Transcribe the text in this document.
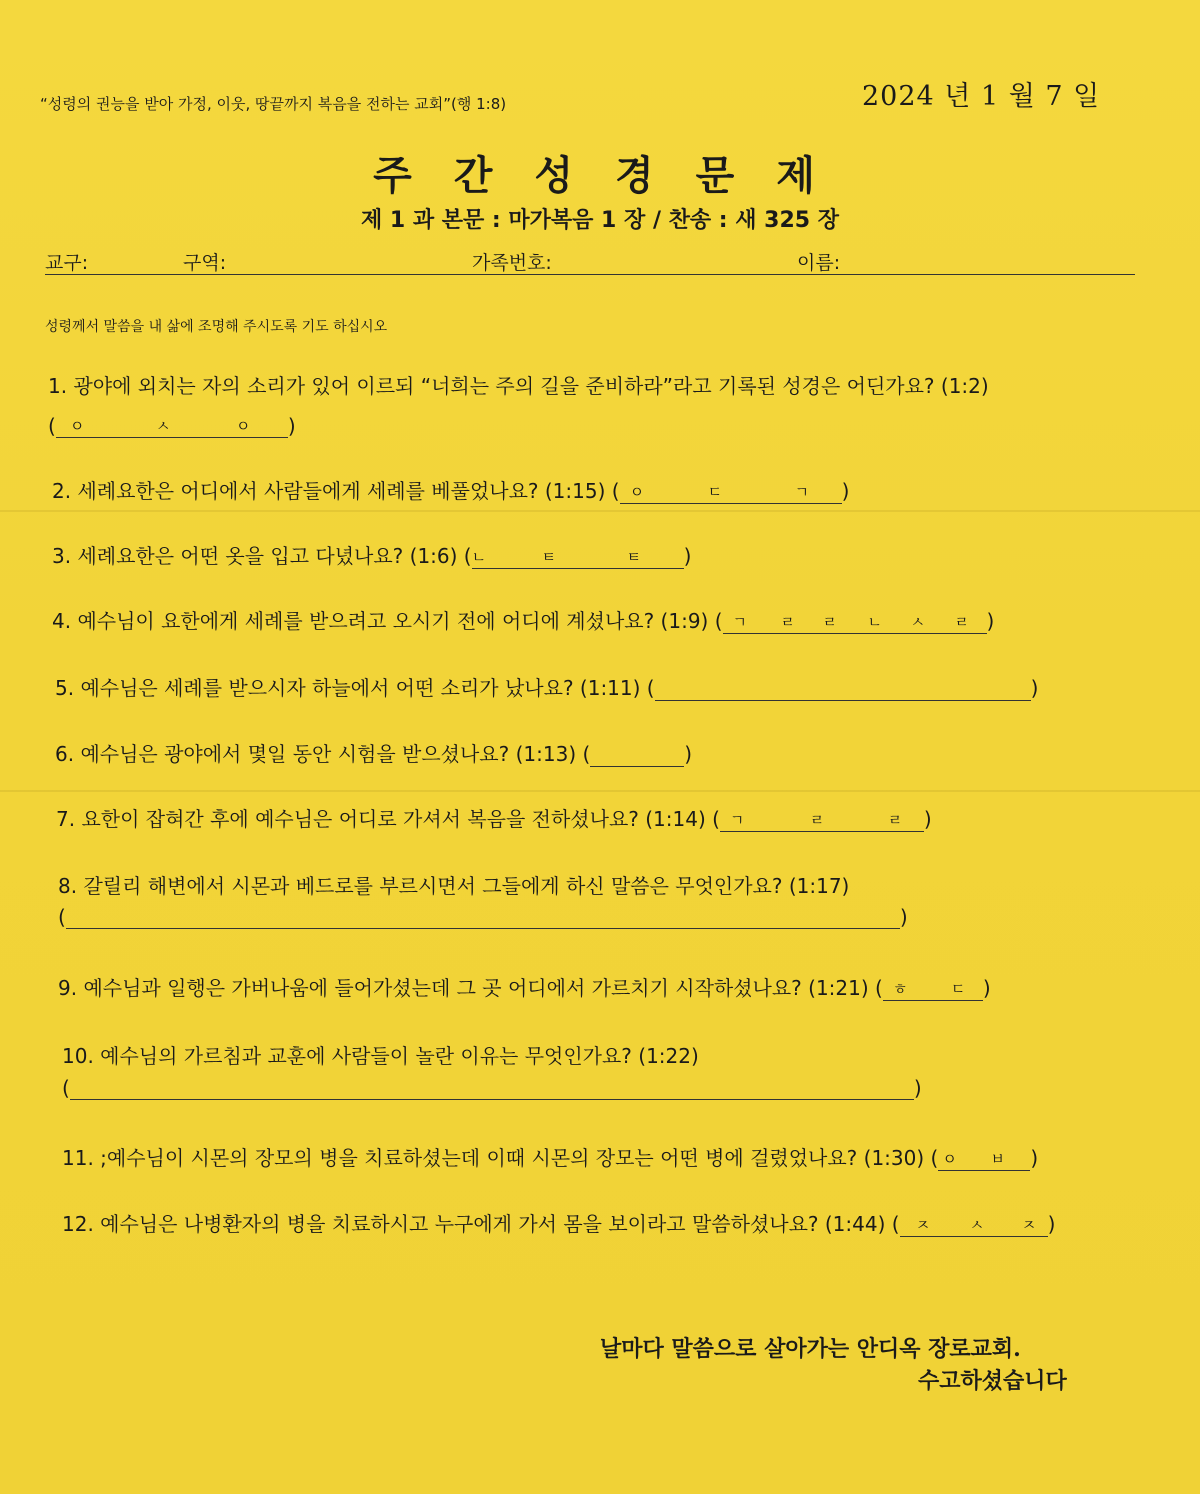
“성령의 권능을 받아 가정, 이웃, 땅끝까지 복음을 전하는 교회”(행 1:8)	2024 년 1 월 7 일
주간성경문제
제 1 과 본문 : 마가복음 1 장 / 찬송 : 새 325 장
교구:	구역:	가족번호:	이름:
성령께서 말씀을 내 삶에 조명해 주시도록 기도 하십시오
1. 광야에 외치는 자의 소리가 있어 이르되 “너희는 주의 길을 준비하라”라고 기록된 성경은 어딘가요? (1:2)
( ㅇ	ㅅ	ㅇ )
2. 세례요한은 어디에서 사람들에게 세례를 베풀었나요? (1:15) ( ㅇ	ㄷ	ㄱ )
3. 세례요한은 어떤 옷을 입고 다녔나요? (1:6) ( ㄴ	ㅌ	ㅌ )
4. 예수님이 요한에게 세례를 받으려고 오시기 전에 어디에 계셨나요? (1:9) ( ㄱ ㄹ ㄹ ㄴ ㅅ ㄹ )
5. 예수님은 세례를 받으시자 하늘에서 어떤 소리가 났나요? (1:11) (	)
6. 예수님은 광야에서 몇일 동안 시험을 받으셨나요? (1:13) (	)
7. 요한이 잡혀간 후에 예수님은 어디로 가셔서 복음을 전하셨나요? (1:14) ( ㄱ	ㄹ	ㄹ )
8. 갈릴리 해변에서 시몬과 베드로를 부르시면서 그들에게 하신 말씀은 무엇인가요? (1:17)
(	)
9. 예수님과 일행은 가버나움에 들어가셨는데 그 곳 어디에서 가르치기 시작하셨나요? (1:21) ( ㅎ	ㄷ )
10. 예수님의 가르침과 교훈에 사람들이 놀란 이유는 무엇인가요? (1:22)
(	)
11. ;예수님이 시몬의 장모의 병을 치료하셨는데 이때 시몬의 장모는 어떤 병에 걸렸었나요? (1:30) ( ㅇ ㅂ )
12. 예수님은 나병환자의 병을 치료하시고 누구에게 가서 몸을 보이라고 말씀하셨나요? (1:44) ( ㅈ	ㅅ	ㅈ )
날마다 말씀으로 살아가는 안디옥 장로교회.
수고하셨습니다
